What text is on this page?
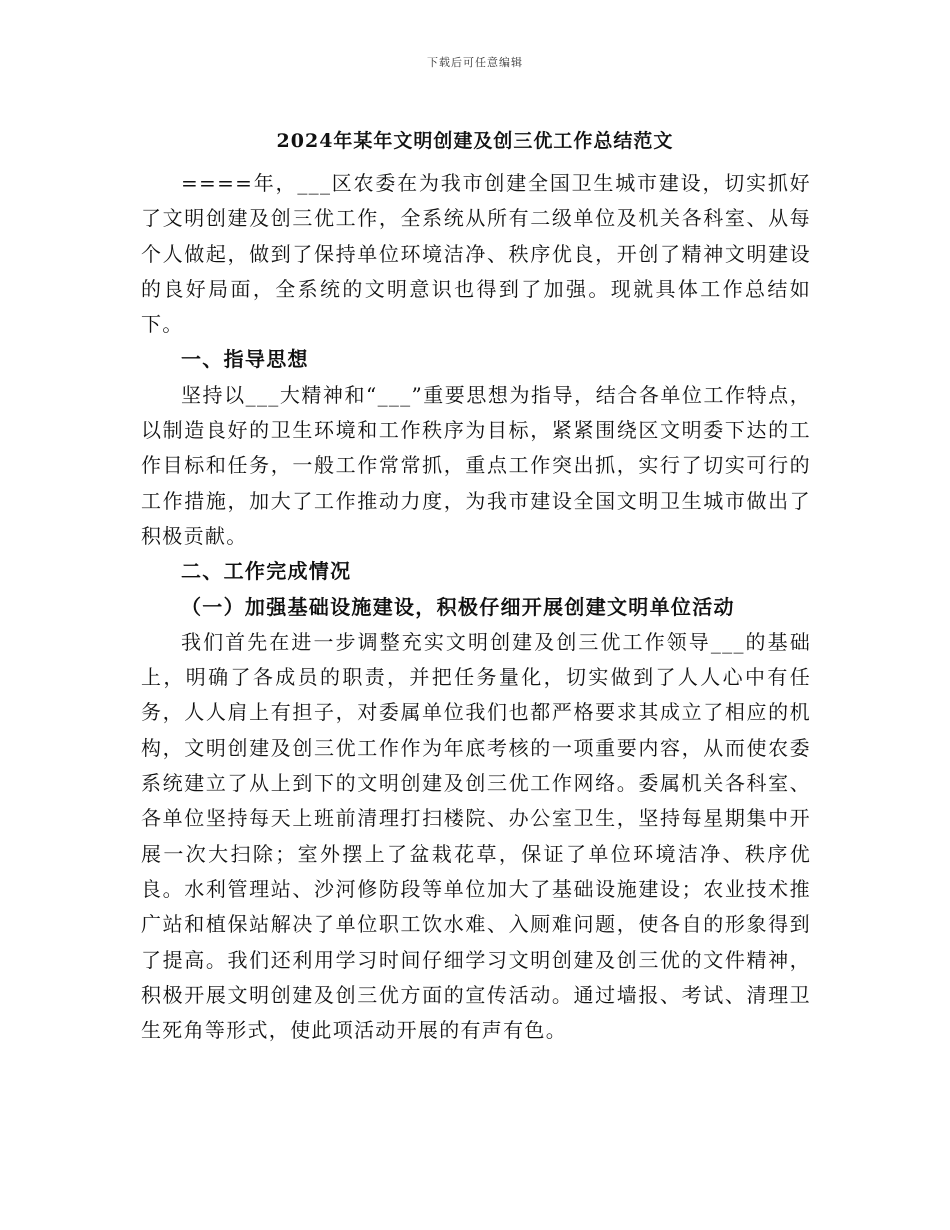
下载后可任意编辑
2024年某年文明创建及创三优工作总结范文

====年，___区农委在为我市创建全国卫生城市建设，切实抓好了文明创建及创三优工作，全系统从所有二级单位及机关各科室、从每个人做起，做到了保持单位环境洁净、秩序优良，开创了精神文明建设的良好局面，全系统的文明意识也得到了加强。现就具体工作总结如下。

一、指导思想

坚持以___大精神和“___”重要思想为指导，结合各单位工作特点，以制造良好的卫生环境和工作秩序为目标，紧紧围绕区文明委下达的工作目标和任务，一般工作常常抓，重点工作突出抓，实行了切实可行的工作措施，加大了工作推动力度，为我市建设全国文明卫生城市做出了积极贡献。

二、工作完成情况
（一）加强基础设施建设，积极仔细开展创建文明单位活动

我们首先在进一步调整充实文明创建及创三优工作领导___的基础上，明确了各成员的职责，并把任务量化，切实做到了人人心中有任务，人人肩上有担子，对委属单位我们也都严格要求其成立了相应的机构，文明创建及创三优工作作为年底考核的一项重要内容，从而使农委系统建立了从上到下的文明创建及创三优工作网络。委属机关各科室、各单位坚持每天上班前清理打扫楼院、办公室卫生，坚持每星期集中开展一次大扫除；室外摆上了盆栽花草，保证了单位环境洁净、秩序优良。水利管理站、沙河修防段等单位加大了基础设施建设；农业技术推广站和植保站解决了单位职工饮水难、入厕难问题，使各自的形象得到了提高。我们还利用学习时间仔细学习文明创建及创三优的文件精神，积极开展文明创建及创三优方面的宣传活动。通过墙报、考试、清理卫生死角等形式，使此项活动开展的有声有色。
